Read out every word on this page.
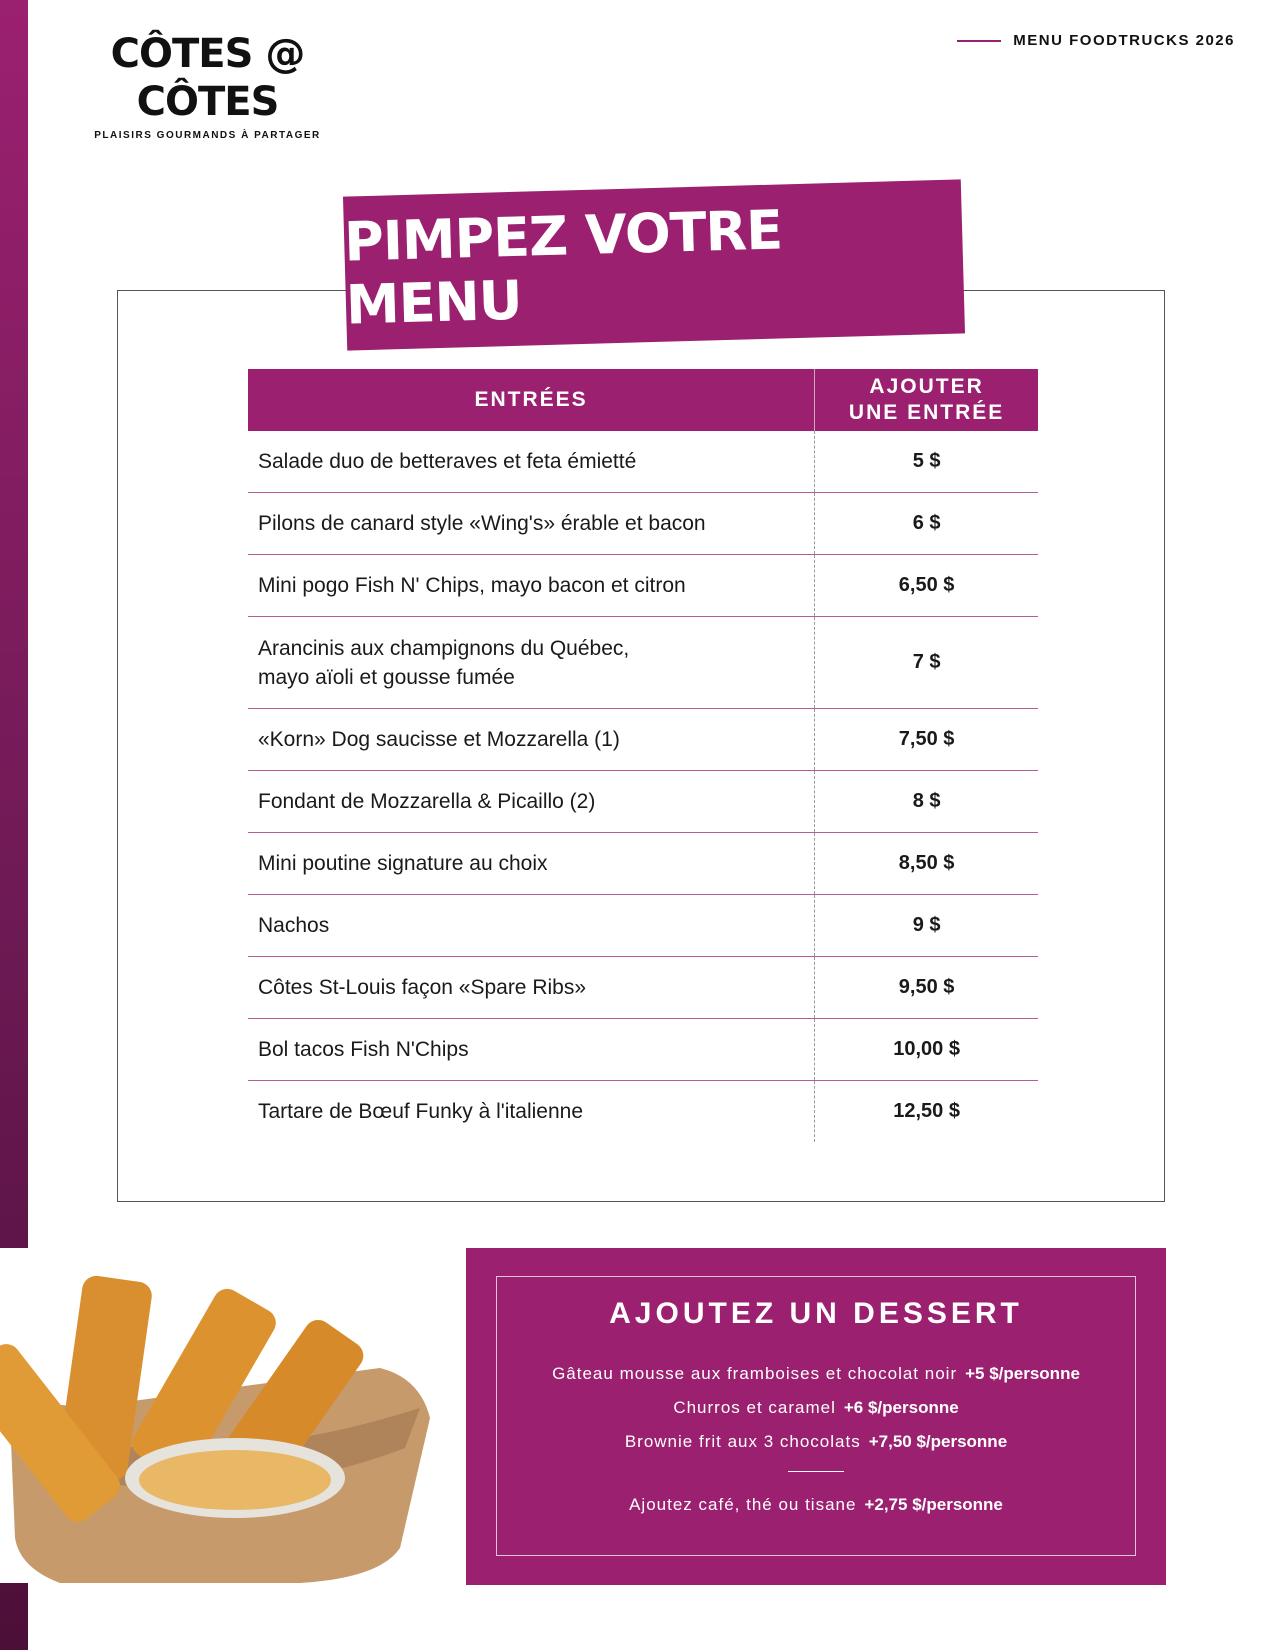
CÔTES @ CÔTES
PLAISIRS GOURMANDS À PARTAGER
MENU FOODTRUCKS 2026
PIMPEZ VOTRE MENU
ENTRÉES	AJOUTER
UNE ENTRÉE
Salade duo de betteraves et feta émietté	5 $
Pilons de canard style «Wing's» érable et bacon	6 $
Mini pogo Fish N' Chips, mayo bacon et citron	6,50 $
Arancinis aux champignons du Québec,
mayo aïoli et gousse fumée	7 $
«Korn» Dog saucisse et Mozzarella (1)	7,50 $
Fondant de Mozzarella & Picaillo (2)	8 $
Mini poutine signature au choix	8,50 $
Nachos	9 $
Côtes St-Louis façon «Spare Ribs»	9,50 $
Bol tacos Fish N'Chips	10,00 $
Tartare de Bœuf Funky à l'italienne	12,50 $
AJOUTEZ UN DESSERT
Gâteau mousse aux framboises et chocolat noir +5 $/personne
Churros et caramel +6 $/personne
Brownie frit aux 3 chocolats +7,50 $/personne
Ajoutez café, thé ou tisane +2,75 $/personne
